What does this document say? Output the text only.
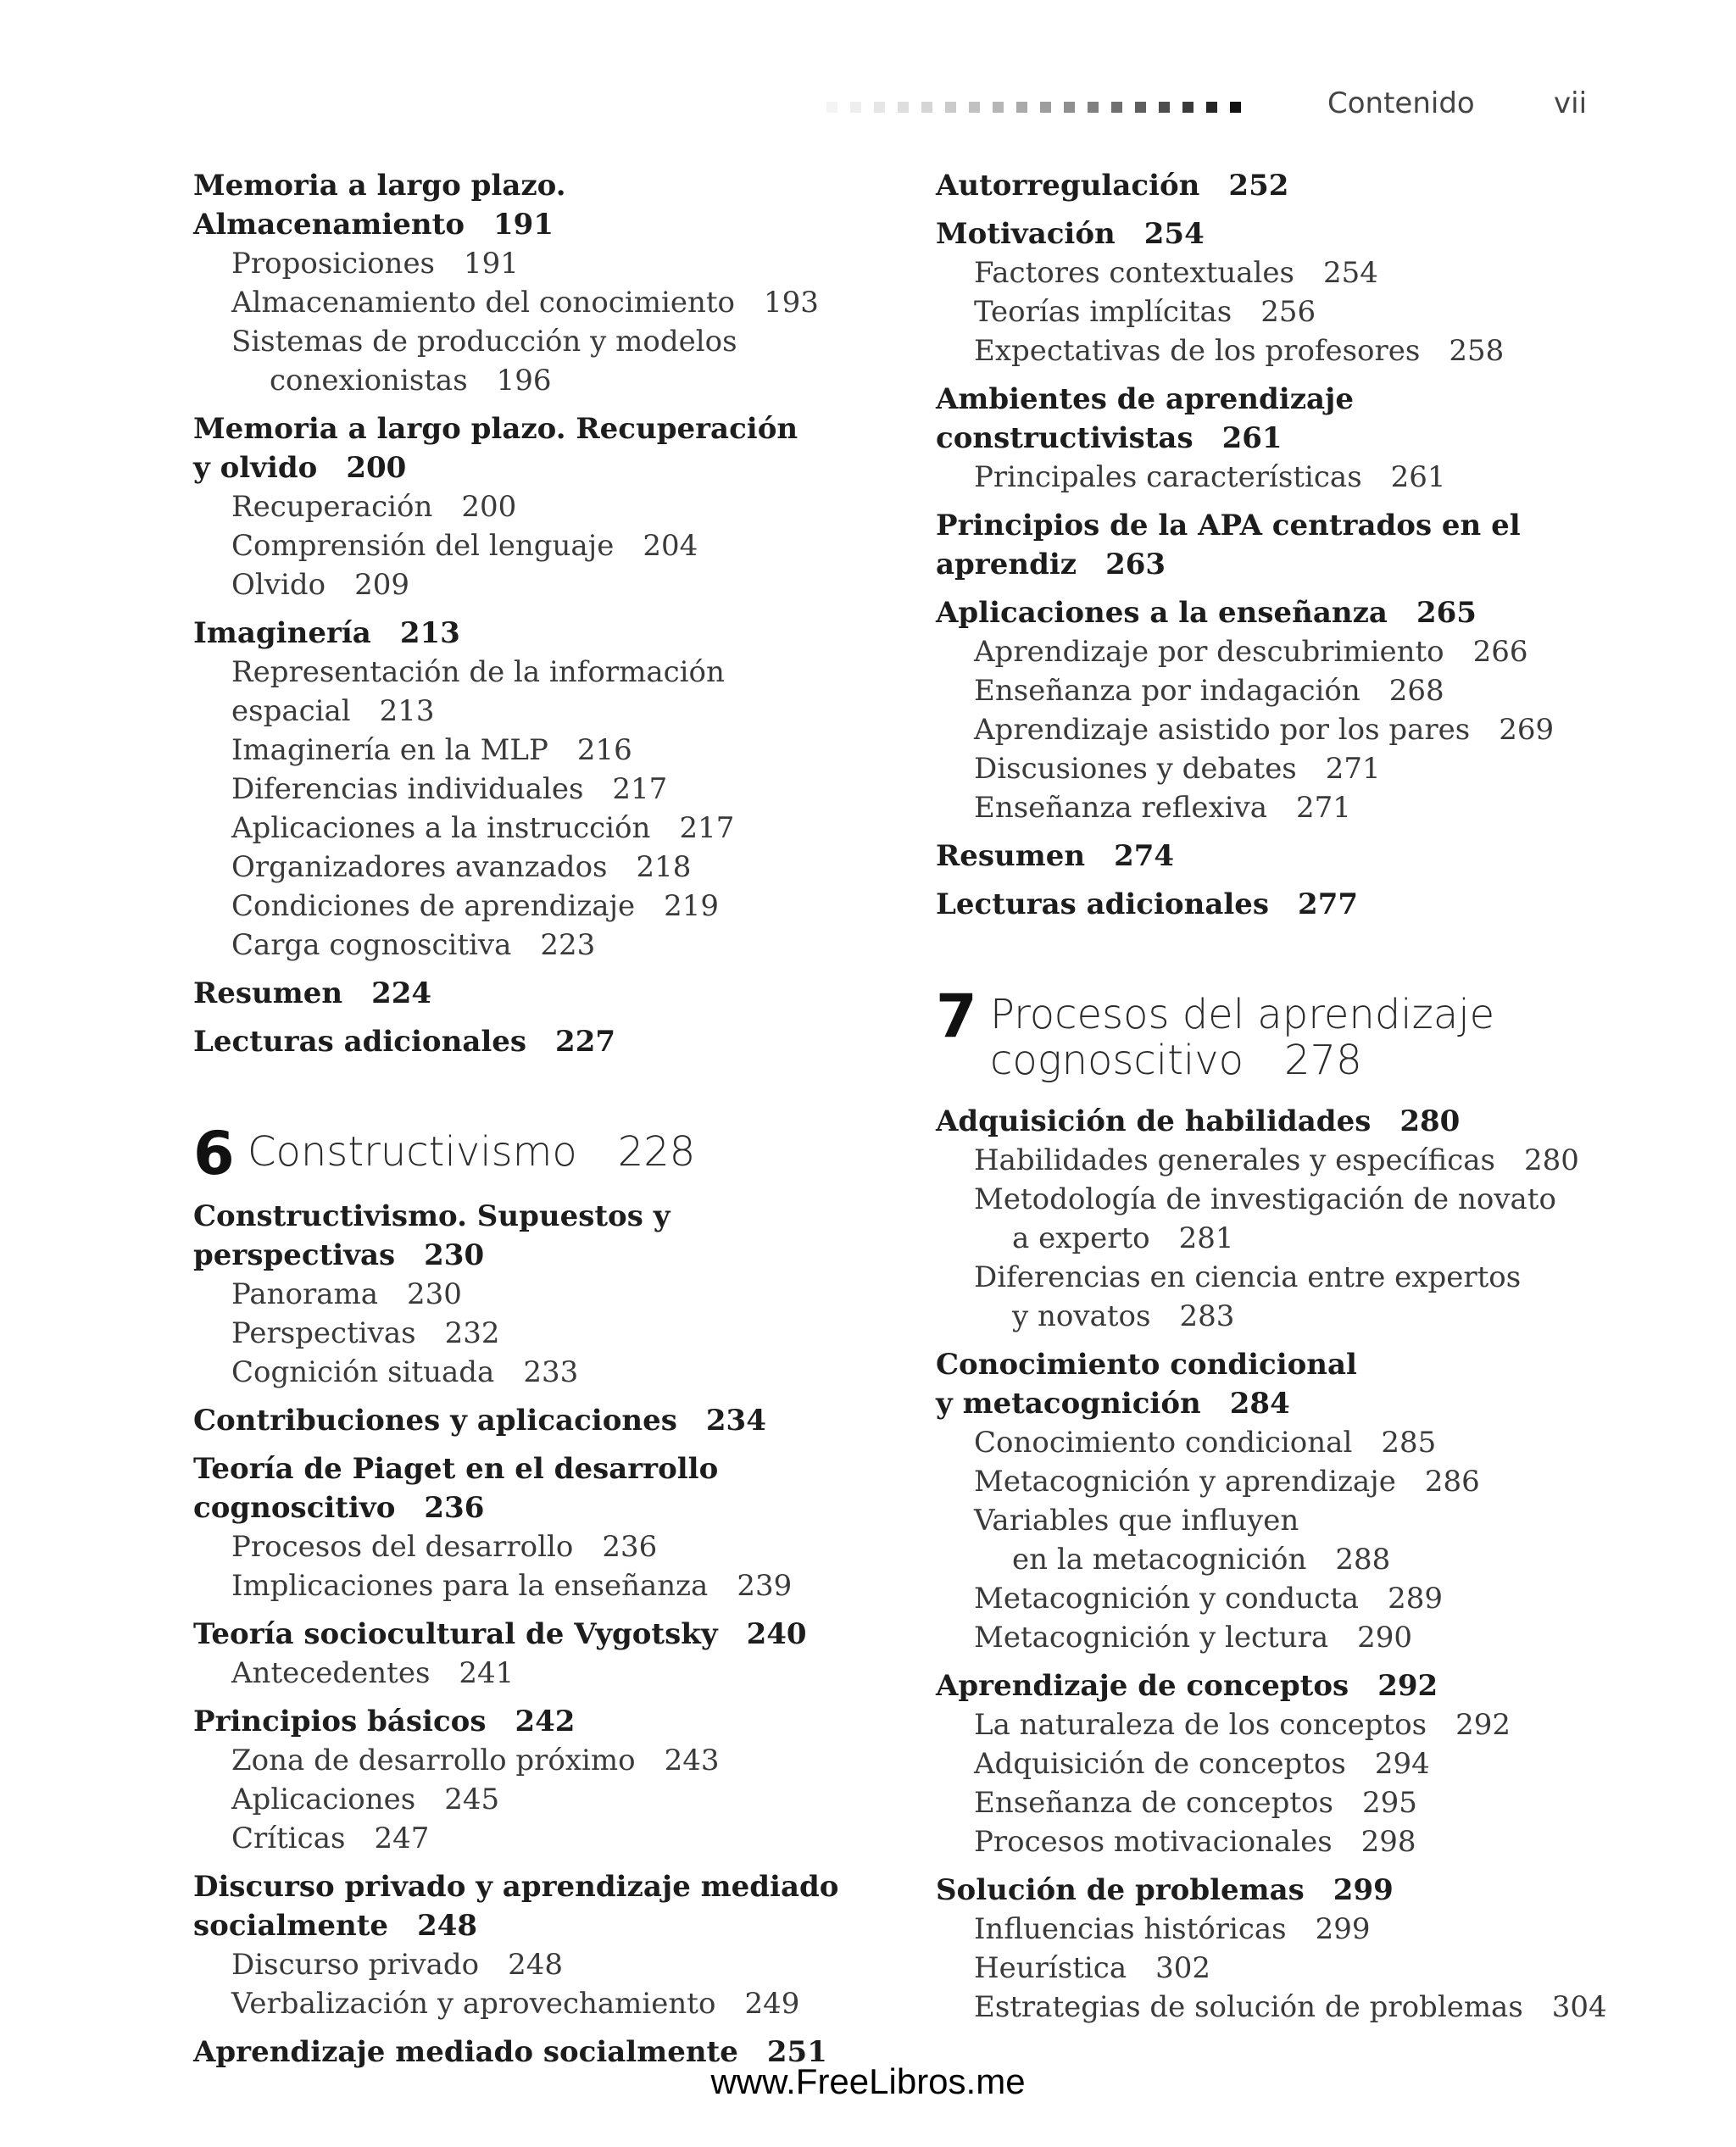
Contenido	vii
Memoria a largo plazo. Almacenamiento 191
Proposiciones 191
Almacenamiento del conocimiento 193
Sistemas de producción y modelos
conexionistas 196
Memoria a largo plazo. Recuperación
y olvido 200
Recuperación 200
Comprensión del lenguaje 204
Olvido 209
Imaginería 213
Representación de la información espacial 213
Imaginería en la MLP 216
Diferencias individuales 217
Aplicaciones a la instrucción 217
Organizadores avanzados 218
Condiciones de aprendizaje 219
Carga cognoscitiva 223
Resumen 224
Lecturas adicionales 227
6 Constructivismo 228
Constructivismo. Supuestos y
perspectivas 230
Panorama 230
Perspectivas 232
Cognición situada 233
Contribuciones y aplicaciones 234
Teoría de Piaget en el desarrollo
cognoscitivo 236
Procesos del desarrollo 236
Implicaciones para la enseñanza 239
Teoría sociocultural de Vygotsky 240
Antecedentes 241
Principios básicos 242
Zona de desarrollo próximo 243
Aplicaciones 245
Críticas 247
Discurso privado y aprendizaje mediado
socialmente 248
Discurso privado 248
Verbalización y aprovechamiento 249
Aprendizaje mediado socialmente 251
Autorregulación 252
Motivación 254
Factores contextuales 254
Teorías implícitas 256
Expectativas de los profesores 258
Ambientes de aprendizaje constructivistas 261
Principales características 261
Principios de la APA centrados en el
aprendiz 263
Aplicaciones a la enseñanza 265
Aprendizaje por descubrimiento 266
Enseñanza por indagación 268
Aprendizaje asistido por los pares 269
Discusiones y debates 271
Enseñanza reflexiva 271
Resumen 274
Lecturas adicionales 277
7 Procesos del aprendizaje
cognoscitivo 278
Adquisición de habilidades 280
Habilidades generales y específicas 280
Metodología de investigación de novato
a experto 281
Diferencias en ciencia entre expertos
y novatos 283
Conocimiento condicional
y metacognición 284
Conocimiento condicional 285
Metacognición y aprendizaje 286
Variables que influyen
en la metacognición 288
Metacognición y conducta 289
Metacognición y lectura 290
Aprendizaje de conceptos 292
La naturaleza de los conceptos 292
Adquisición de conceptos 294
Enseñanza de conceptos 295
Procesos motivacionales 298
Solución de problemas 299
Influencias históricas 299
Heurística 302
Estrategias de solución de problemas 304
www.FreeLibros.me
